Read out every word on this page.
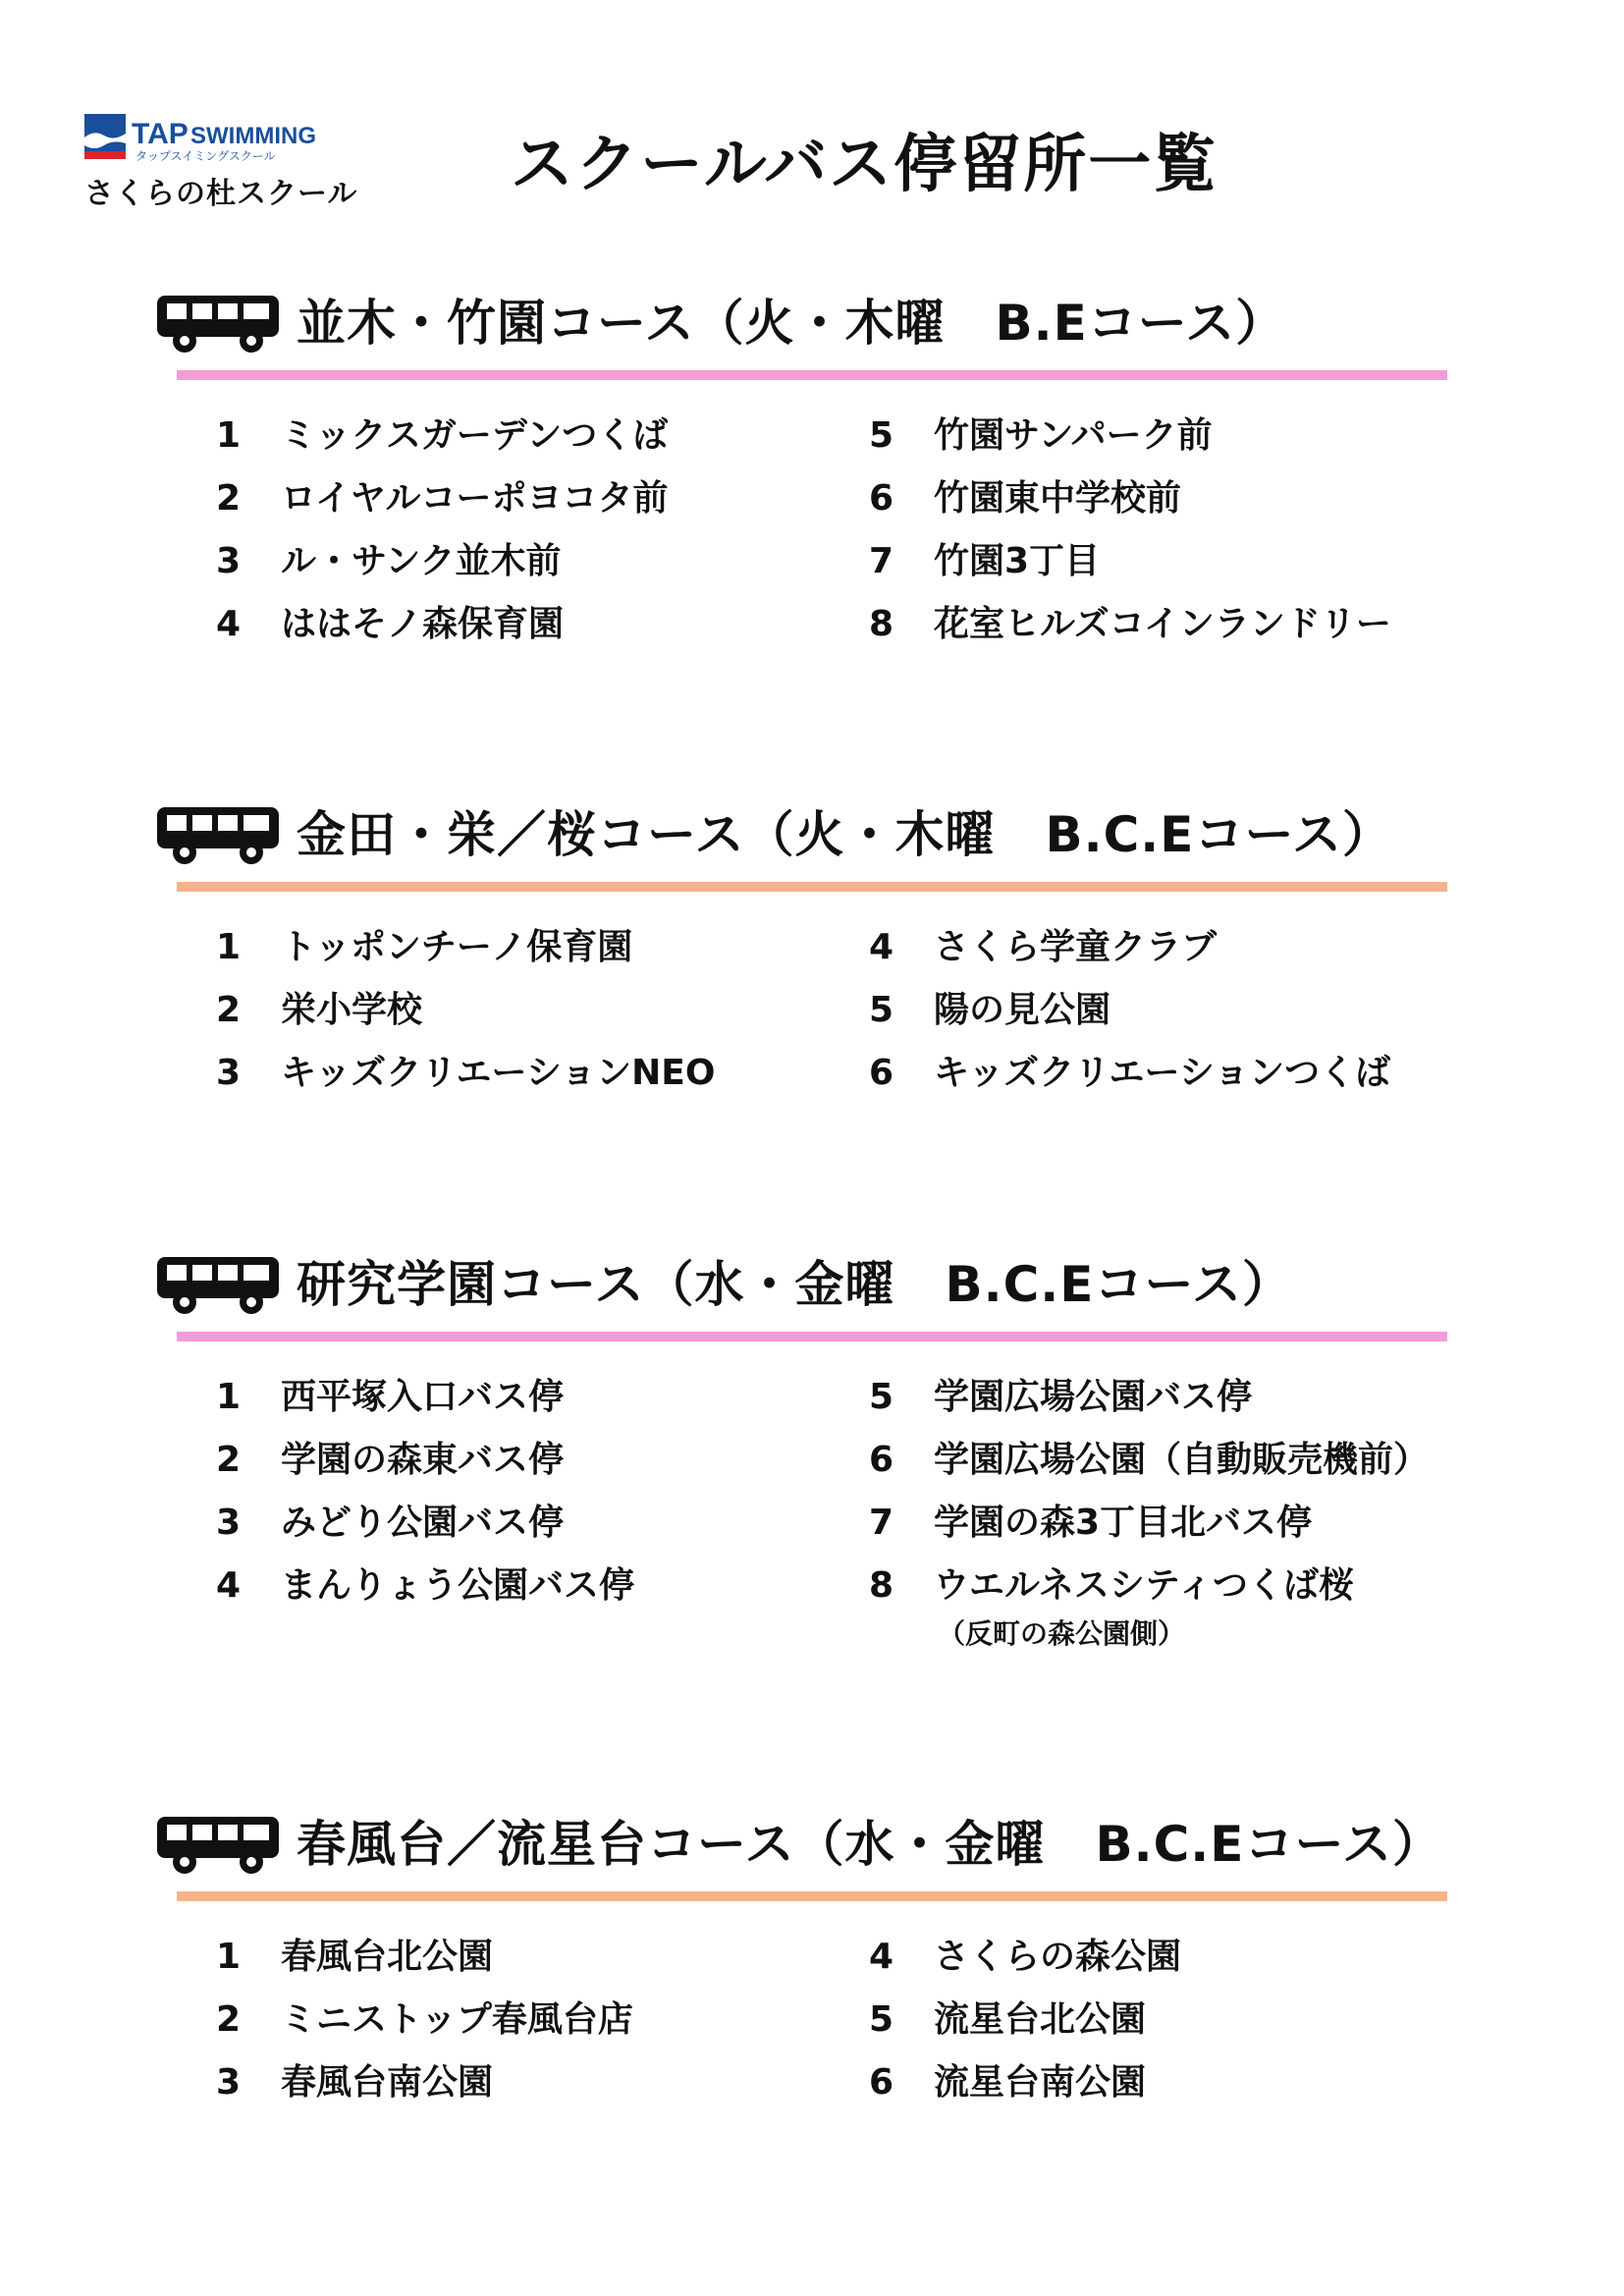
TAP SWIMMING
タップスイミングスクール
さくらの杜スクール スクールバス停留所一覧
並木・竹園コース（火・木曜　B.Eコース）
1 ミックスガーデンつくば
2 ロイヤルコーポヨコタ前
3 ル・サンク並木前
4 ははそノ森保育園
5 竹園サンパーク前
6 竹園東中学校前
7 竹園3丁目
8 花室ヒルズコインランドリー
金田・栄／桜コース（火・木曜　B.C.Eコース）
1 トッポンチーノ保育園
2 栄小学校
3 キッズクリエーションNEO
4 さくら学童クラブ
5 陽の見公園
6 キッズクリエーションつくば
研究学園コース（水・金曜　B.C.Eコース）
1 西平塚入口バス停
2 学園の森東バス停
3 みどり公園バス停
4 まんりょう公園バス停
5 学園広場公園バス停
6 学園広場公園（自動販売機前）
7 学園の森3丁目北バス停
8 ウエルネスシティつくば桜
（反町の森公園側）
春風台／流星台コース（水・金曜　B.C.Eコース）
1 春風台北公園
2 ミニストップ春風台店
3 春風台南公園
4 さくらの森公園
5 流星台北公園
6 流星台南公園
